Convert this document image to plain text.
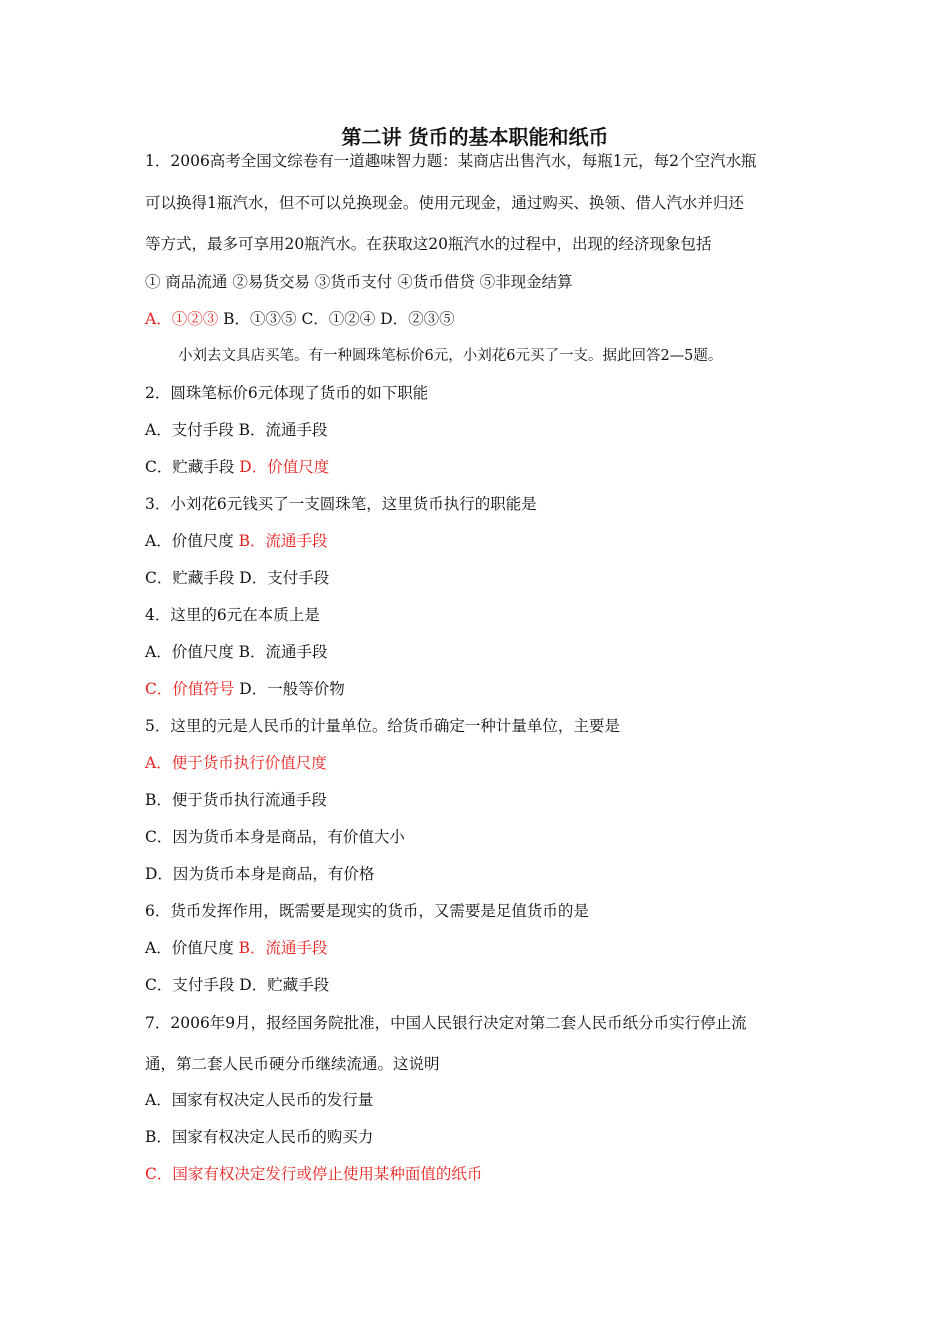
第二讲 货币的基本职能和纸币
1．2006高考全国文综卷有一道趣味智力题：某商店出售汽水，每瓶1元，每2个空汽水瓶
可以换得1瓶汽水，但不可以兑换现金。使用元现金，通过购买、换领、借人汽水并归还
等方式，最多可享用20瓶汽水。在获取这20瓶汽水的过程中，出现的经济现象包括
① 商品流通 ②易货交易 ③货币支付 ④货币借贷 ⑤非现金结算
A．①②③ B．①③⑤ C．①②④ D．②③⑤
小刘去文具店买笔。有一种圆珠笔标价6元，小刘花6元买了一支。据此回答2—5题。
2．圆珠笔标价6元体现了货币的如下职能
A．支付手段 B．流通手段
C．贮藏手段 D．价值尺度
3．小刘花6元钱买了一支圆珠笔，这里货币执行的职能是
A．价值尺度 B．流通手段
C．贮藏手段 D．支付手段
4．这里的6元在本质上是
A．价值尺度 B．流通手段
C．价值符号 D．一般等价物
5．这里的元是人民币的计量单位。给货币确定一种计量单位，主要是
A．便于货币执行价值尺度
B．便于货币执行流通手段
C．因为货币本身是商品，有价值大小
D．因为货币本身是商品，有价格
6．货币发挥作用，既需要是现实的货币，又需要是足值货币的是
A．价值尺度 B．流通手段
C．支付手段 D．贮藏手段
7．2006年9月，报经国务院批准，中国人民银行决定对第二套人民币纸分币实行停止流
通，第二套人民币硬分币继续流通。这说明
A．国家有权决定人民币的发行量
B．国家有权决定人民币的购买力
C．国家有权决定发行或停止使用某种面值的纸币
